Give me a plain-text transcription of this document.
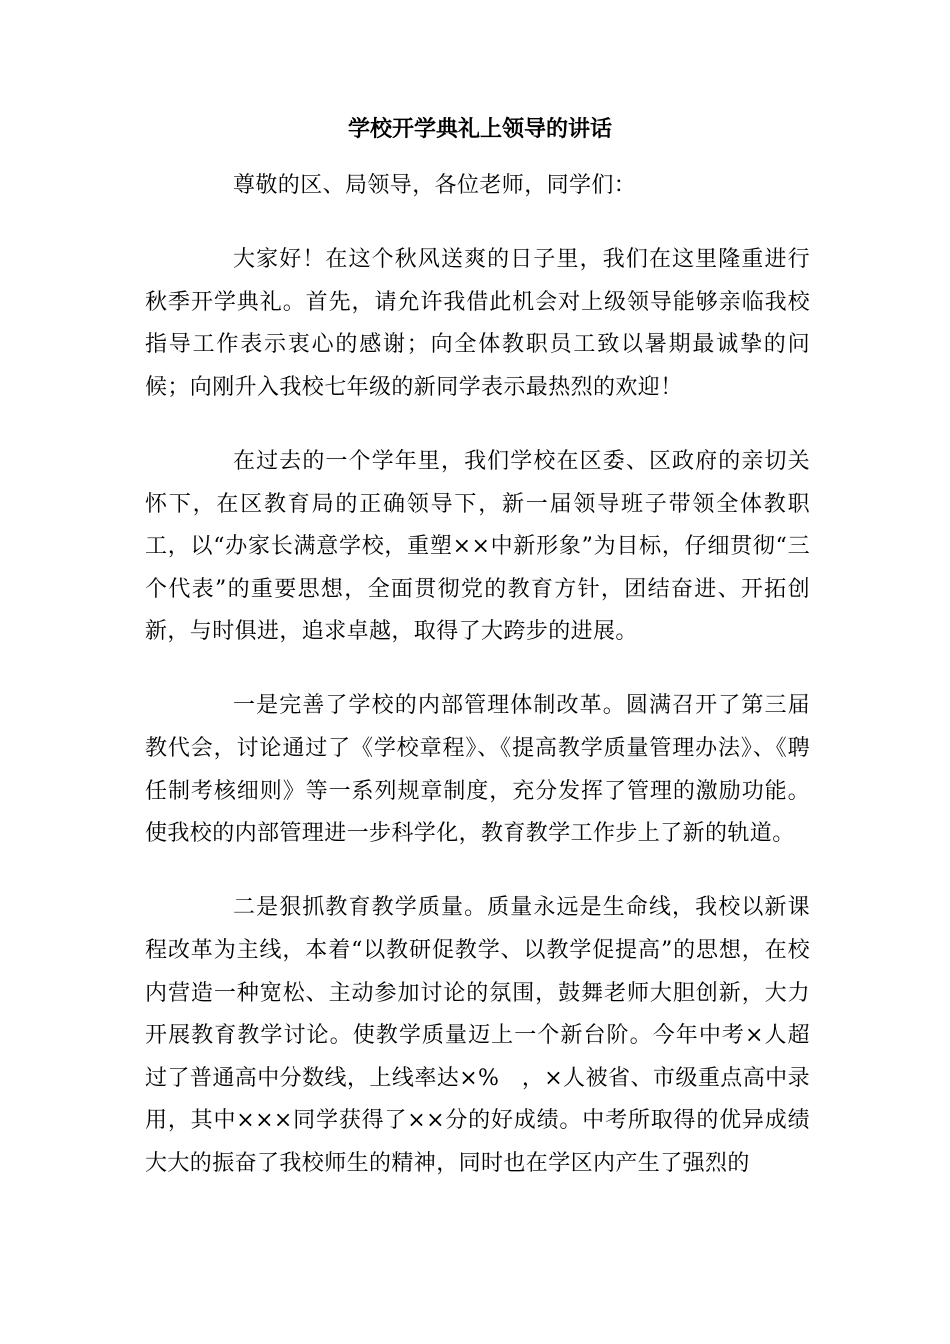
学校开学典礼上领导的讲话

尊敬的区、局领导，各位老师，同学们：

大家好！在这个秋风送爽的日子里，我们在这里隆重进行秋季开学典礼。首先，请允许我借此机会对上级领导能够亲临我校指导工作表示衷心的感谢；向全体教职员工致以暑期最诚挚的问候；向刚升入我校七年级的新同学表示最热烈的欢迎！

在过去的一个学年里，我们学校在区委、区政府的亲切关怀下，在区教育局的正确领导下，新一届领导班子带领全体教职工，以“办家长满意学校，重塑××中新形象”为目标，仔细贯彻“三个代表”的重要思想，全面贯彻党的教育方针，团结奋进、开拓创新，与时俱进，追求卓越，取得了大跨步的进展。

一是完善了学校的内部管理体制改革。圆满召开了第三届教代会，讨论通过了《学校章程》、《提高教学质量管理办法》、《聘任制考核细则》等一系列规章制度，充分发挥了管理的激励功能。使我校的内部管理进一步科学化，教育教学工作步上了新的轨道。

二是狠抓教育教学质量。质量永远是生命线，我校以新课程改革为主线，本着“以教研促教学、以教学促提高”的思想，在校内营造一种宽松、主动参加讨论的氛围，鼓舞老师大胆创新，大力开展教育教学讨论。使教学质量迈上一个新台阶。今年中考×人超过了普通高中分数线，上线率达×%　，×人被省、市级重点高中录用，其中×××同学获得了××分的好成绩。中考所取得的优异成绩大大的振奋了我校师生的精神，同时也在学区内产生了强烈的
